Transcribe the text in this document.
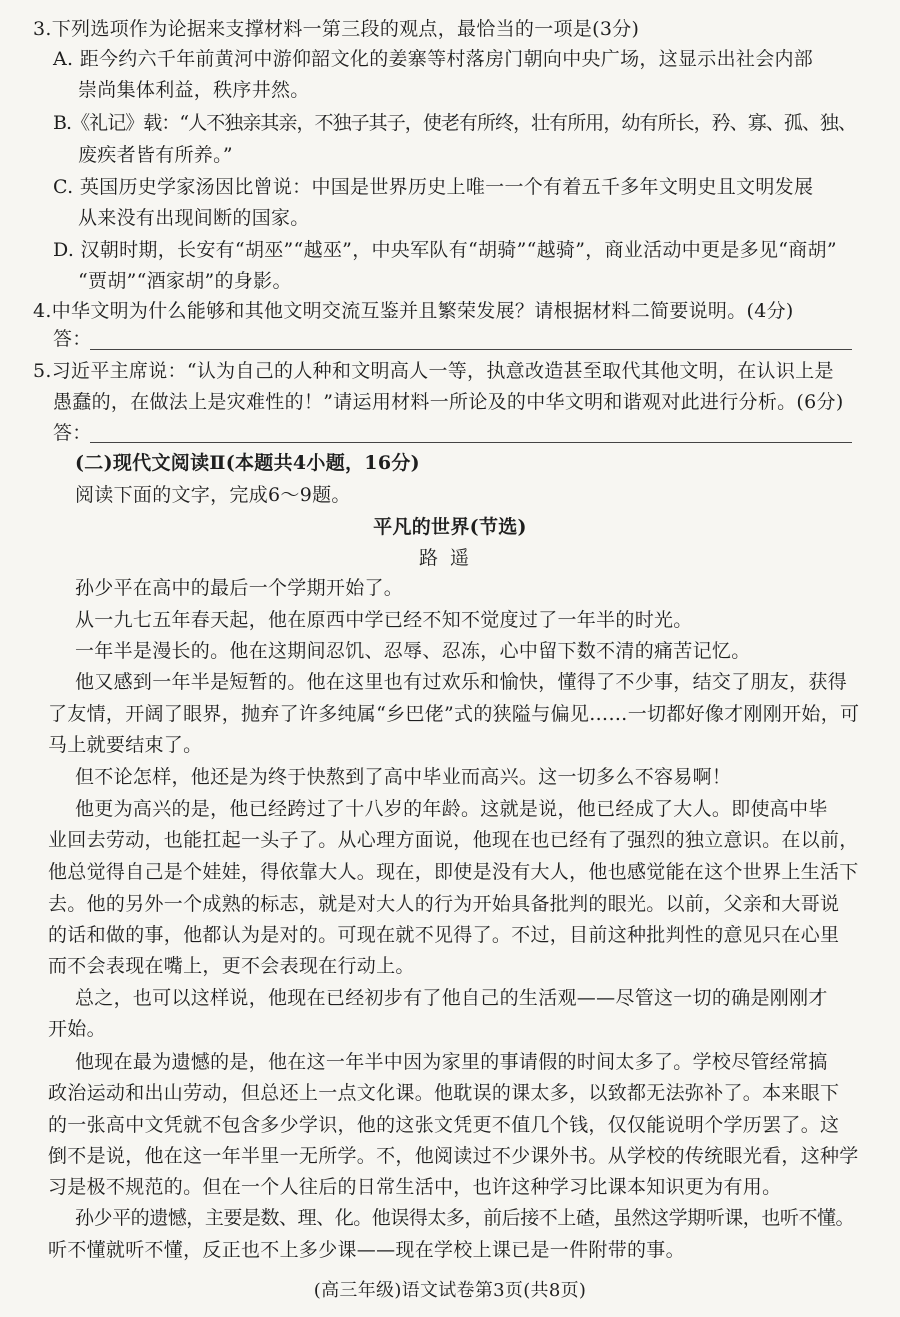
3.下列选项作为论据来支撑材料一第三段的观点，最恰当的一项是(3分)
A. 距今约六千年前黄河中游仰韶文化的姜寨等村落房门朝向中央广场，这显示出社会内部
崇尚集体利益，秩序井然。
B.《礼记》载：“人不独亲其亲，不独子其子，使老有所终，壮有所用，幼有所长，矜、寡、孤、独、
废疾者皆有所养。”
C. 英国历史学家汤因比曾说：中国是世界历史上唯一一个有着五千多年文明史且文明发展
从来没有出现间断的国家。
D. 汉朝时期，长安有“胡巫”“越巫”，中央军队有“胡骑”“越骑”，商业活动中更是多见“商胡”
“贾胡”“酒家胡”的身影。
4.中华文明为什么能够和其他文明交流互鉴并且繁荣发展？请根据材料二简要说明。(4分)
答：
5.习近平主席说：“认为自己的人种和文明高人一等，执意改造甚至取代其他文明，在认识上是
愚蠢的，在做法上是灾难性的！”请运用材料一所论及的中华文明和谐观对此进行分析。(6分)
答：
(二)现代文阅读Ⅱ(本题共4小题，16分)
阅读下面的文字，完成6～9题。
平凡的世界(节选)
路遥
孙少平在高中的最后一个学期开始了。
从一九七五年春天起，他在原西中学已经不知不觉度过了一年半的时光。
一年半是漫长的。他在这期间忍饥、忍辱、忍冻，心中留下数不清的痛苦记忆。
他又感到一年半是短暂的。他在这里也有过欢乐和愉快，懂得了不少事，结交了朋友，获得
了友情，开阔了眼界，抛弃了许多纯属“乡巴佬”式的狭隘与偏见……一切都好像才刚刚开始，可
马上就要结束了。
但不论怎样，他还是为终于快熬到了高中毕业而高兴。这一切多么不容易啊！
他更为高兴的是，他已经跨过了十八岁的年龄。这就是说，他已经成了大人。即使高中毕
业回去劳动，也能扛起一头子了。从心理方面说，他现在也已经有了强烈的独立意识。在以前，
他总觉得自己是个娃娃，得依靠大人。现在，即使是没有大人，他也感觉能在这个世界上生活下
去。他的另外一个成熟的标志，就是对大人的行为开始具备批判的眼光。以前，父亲和大哥说
的话和做的事，他都认为是对的。可现在就不见得了。不过，目前这种批判性的意见只在心里
而不会表现在嘴上，更不会表现在行动上。
总之，也可以这样说，他现在已经初步有了他自己的生活观——尽管这一切的确是刚刚才
开始。
他现在最为遗憾的是，他在这一年半中因为家里的事请假的时间太多了。学校尽管经常搞
政治运动和出山劳动，但总还上一点文化课。他耽误的课太多，以致都无法弥补了。本来眼下
的一张高中文凭就不包含多少学识，他的这张文凭更不值几个钱，仅仅能说明个学历罢了。这
倒不是说，他在这一年半里一无所学。不，他阅读过不少课外书。从学校的传统眼光看，这种学
习是极不规范的。但在一个人往后的日常生活中，也许这种学习比课本知识更为有用。
孙少平的遗憾，主要是数、理、化。他误得太多，前后接不上碴，虽然这学期听课，也听不懂。
听不懂就听不懂，反正也不上多少课——现在学校上课已是一件附带的事。
(高三年级)语文试卷第3页(共8页)
